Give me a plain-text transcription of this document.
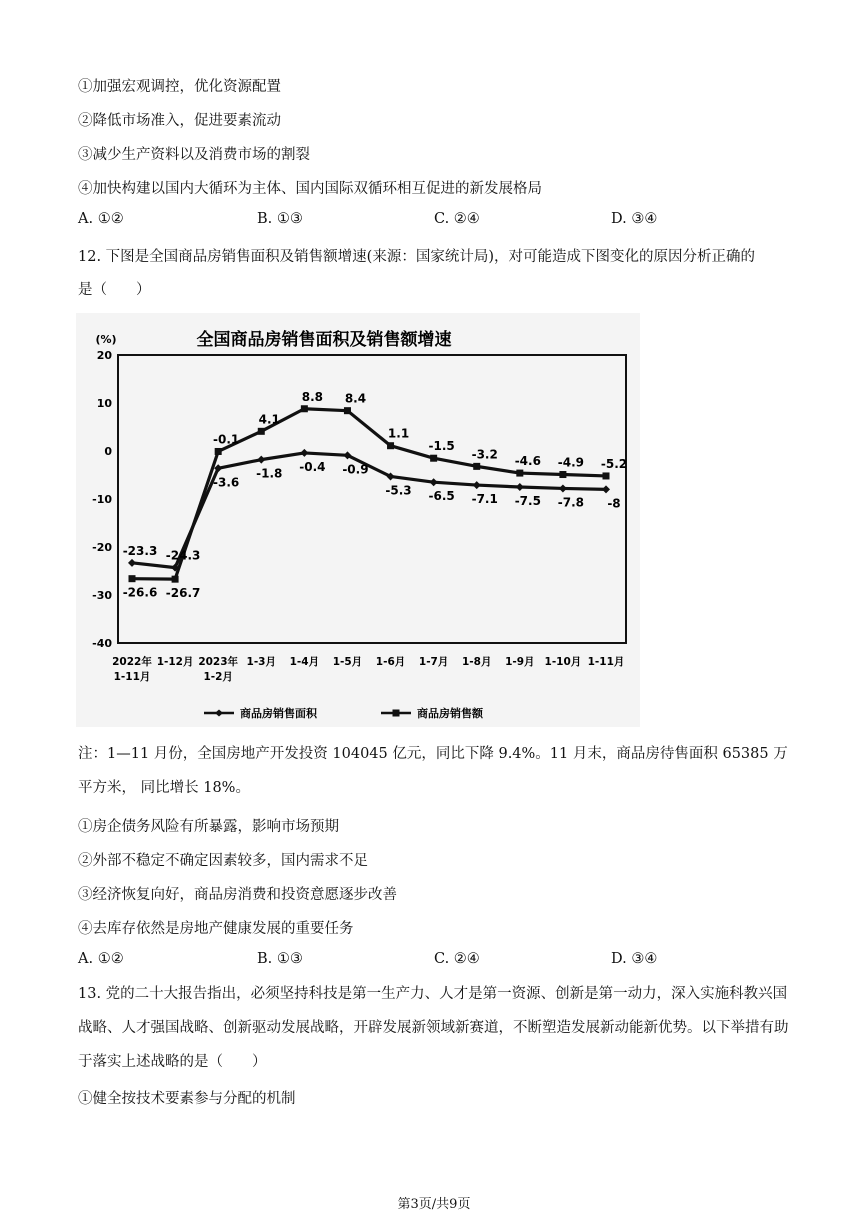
①加强宏观调控，优化资源配置
②降低市场准入，促进要素流动
③减少生产资料以及消费市场的割裂
④加快构建以国内大循环为主体、国内国际双循环相互促进的新发展格局
A. ①②	B. ①③	C. ②④	D. ③④
12. 下图是全国商品房销售面积及销售额增速(来源：国家统计局)，对可能造成下图变化的原因分析正确的
是（　　）
全国商品房销售面积及销售额增速
(%)
20
10
0
-10
-20
-30
-40
2022年
1-11月
1-12月 2023年
1-2月
1-3月 1-4月 1-5月 1-6月 1-7月 1-8月 1-9月 1-10月 1-11月
-23.3 -24.3
-3.6
-1.8 -0.4 -0.9
-5.3 -6.5 -7.1 -7.5 -7.8 -8
-26.6 -26.7
-0.1
4.1
8.8 8.4
1.1
-1.5
-3.2 -4.6 -4.9 -5.2
商品房销售面积	商品房销售额
注：1—11 月份，全国房地产开发投资 104045 亿元，同比下降 9.4%。11 月末，商品房待售面积 65385 万
平方米， 同比增长 18%。
①房企债务风险有所暴露，影响市场预期
②外部不稳定不确定因素较多，国内需求不足
③经济恢复向好，商品房消费和投资意愿逐步改善
④去库存依然是房地产健康发展的重要任务
A. ①②	B. ①③	C. ②④	D. ③④
13. 党的二十大报告指出，必须坚持科技是第一生产力、人才是第一资源、创新是第一动力，深入实施科教兴国战略、人才强国战略、创新驱动发展战略，开辟发展新领域新赛道，不断塑造发展新动能新优势。以下举措有助于落实上述战略的是（　　）
①健全按技术要素参与分配的机制
第3页/共9页
